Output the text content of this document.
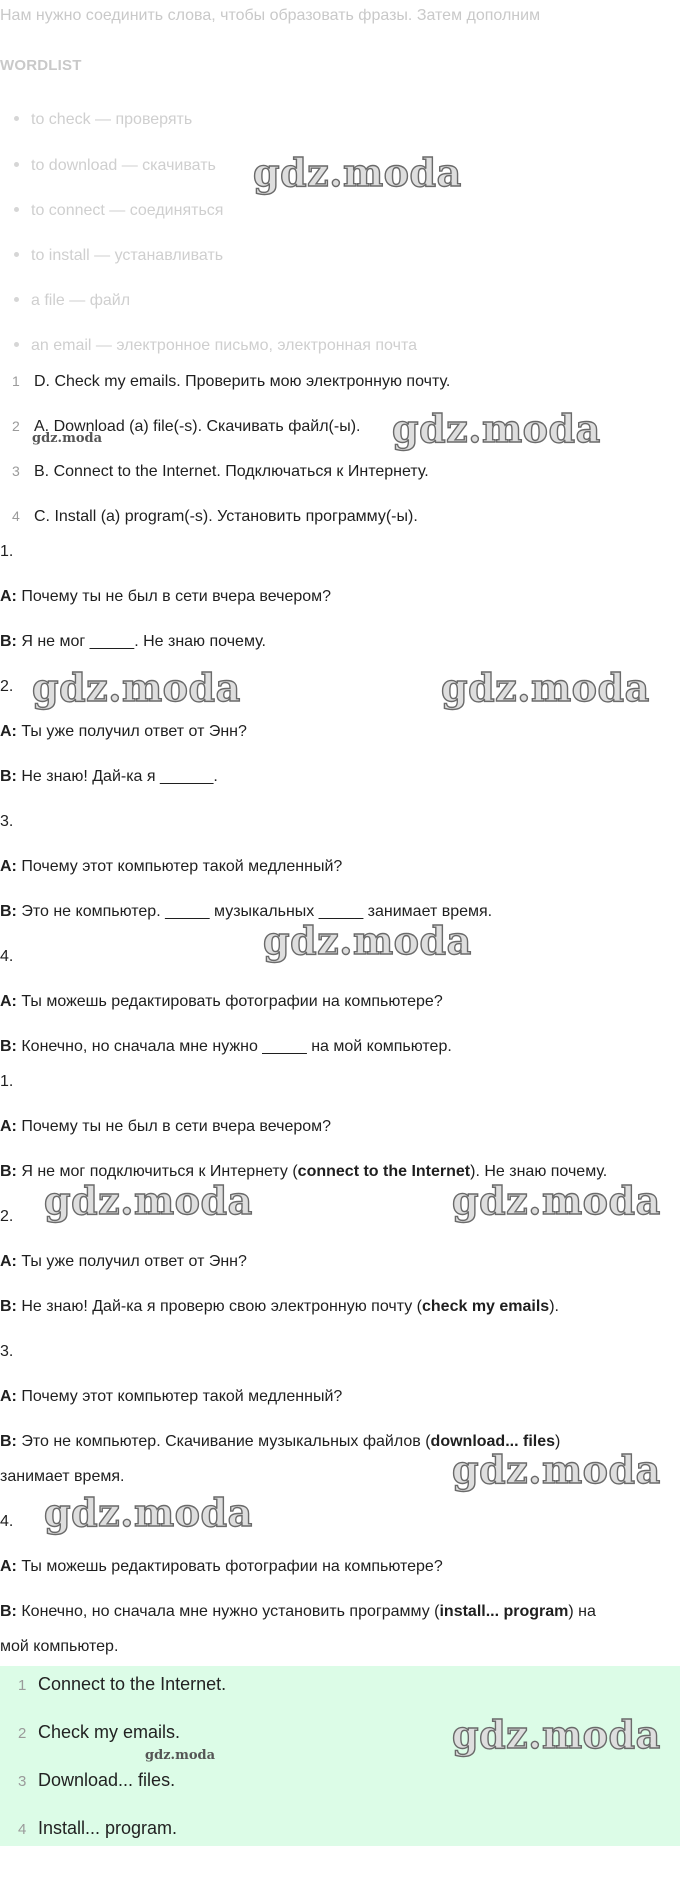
Нам нужно соединить слова, чтобы образовать фразы. Затем дополним
WORDLIST
to check — проверять
to download — скачивать
to connect — соединяться
to install — устанавливать
a file — файл
an email — электронное письмо, электронная почта
1 D. Check my emails. Проверить мою электронную почту.
2 A. Download (a) file(-s). Скачивать файл(-ы).
3 B. Connect to the Internet. Подключаться к Интернету.
4 C. Install (a) program(-s). Установить программу(-ы).
1.
A: Почему ты не был в сети вчера вечером?
B: Я не мог _____. Не знаю почему.
2.
A: Ты уже получил ответ от Энн?
B: Не знаю! Дай-ка я ______.
3.
A: Почему этот компьютер такой медленный?
B: Это не компьютер. _____ музыкальных _____ занимает время.
4.
A: Ты можешь редактировать фотографии на компьютере?
B: Конечно, но сначала мне нужно _____ на мой компьютер.
1.
A: Почему ты не был в сети вчера вечером?
B: Я не мог подключиться к Интернету (connect to the Internet). Не знаю почему.
2.
A: Ты уже получил ответ от Энн?
B: Не знаю! Дай-ка я проверю свою электронную почту (check my emails).
3.
A: Почему этот компьютер такой медленный?
B: Это не компьютер. Скачивание музыкальных файлов (download... files)
занимает время.
4.
A: Ты можешь редактировать фотографии на компьютере?
B: Конечно, но сначала мне нужно установить программу (install... program) на
мой компьютер.
1 Connect to the Internet.
2 Check my emails.
3 Download... files.
4 Install... program.
gdz.moda
gdz.moda
gdz.moda
gdz.moda	gdz.moda
gdz.moda
gdz.moda	gdz.moda
gdz.moda
gdz.moda
gdz.moda
gdz.moda
